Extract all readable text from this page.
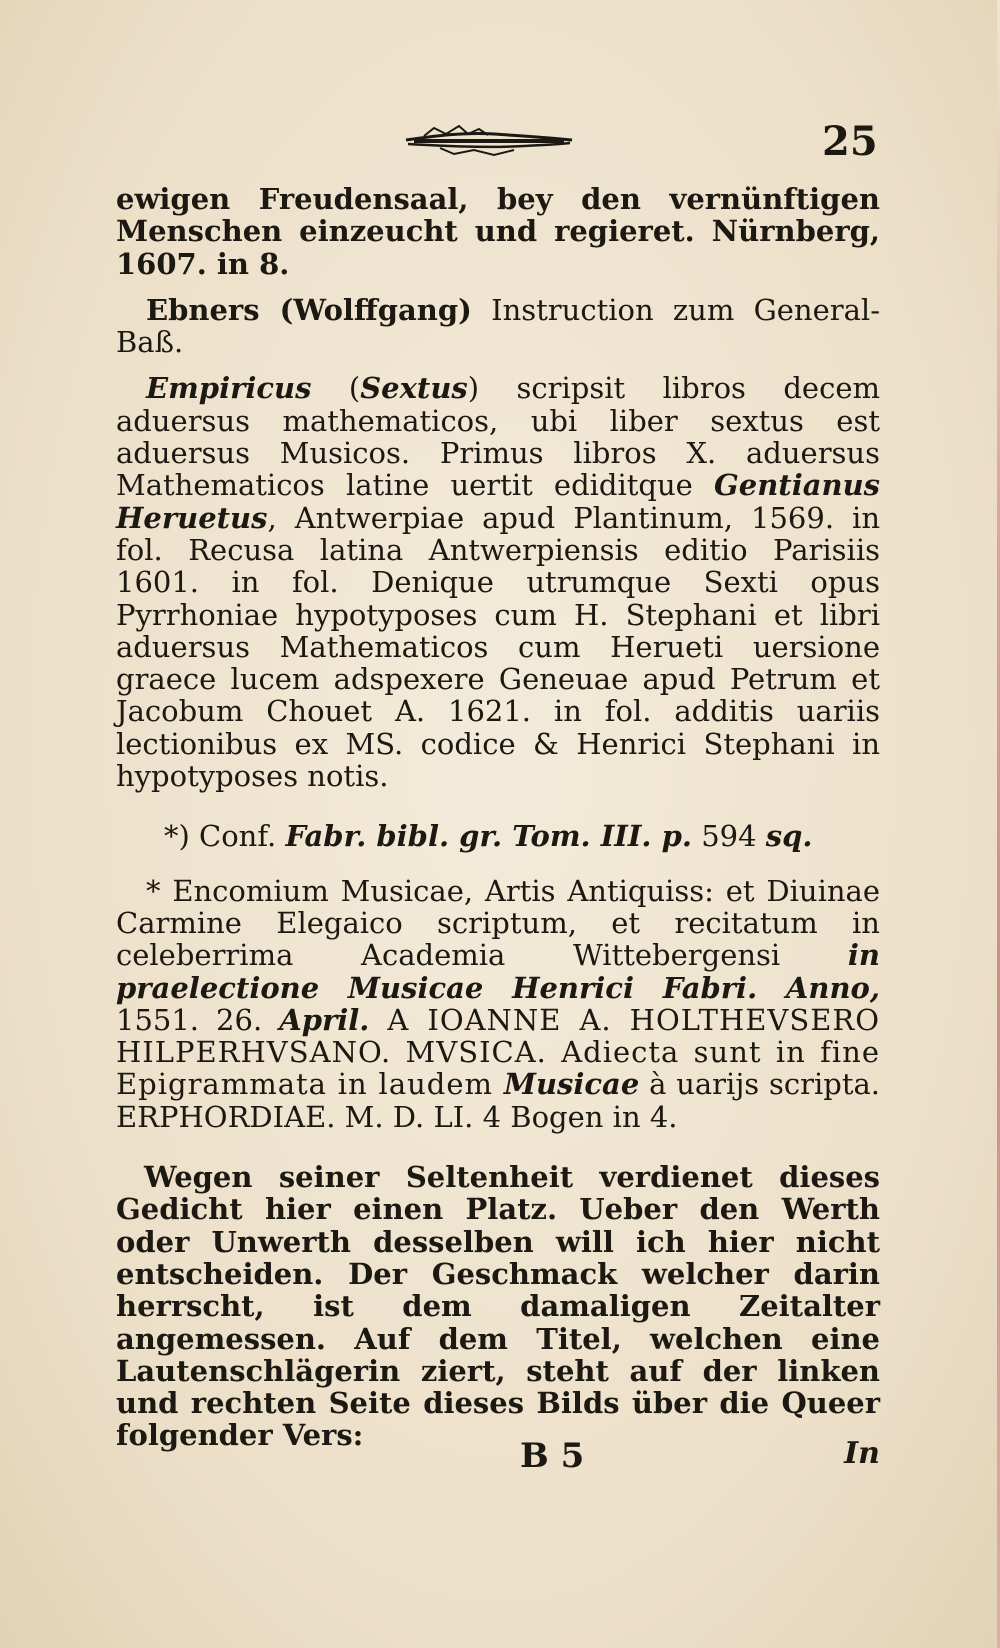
25

ewigen Freudensaal, bey den vernünftigen Menschen einzeucht und regieret. Nürnberg, 1607. in 8.

Ebners (Wolffgang) Instruction zum General-Baß.

Empiricus (Sextus) scripsit libros decem aduersus mathematicos, ubi liber sextus est aduersus Musicos. Primus libros X. aduersus Mathematicos latine uertit ediditque Gentianus Heruetus, Antwerpiae apud Plantinum, 1569. in fol. Recusa latina Antwerpiensis editio Parisiis 1601. in fol. Denique utrumque Sexti opus Pyrrhoniae hypotyposes cum H. Stephani et libri aduersus Mathematicos cum Herueti uersione graece lucem adspexere Geneuae apud Petrum et Jacobum Chouet A. 1621. in fol. additis uariis lectionibus ex MS. codice & Henrici Stephani in hypotyposes notis.

*) Conf. Fabr. bibl. gr. Tom. III. p. 594 sq.

* Encomium Musicae, Artis Antiquiss: et Diuinae Carmine Elegaico scriptum, et recitatum in celeberrima Academia Wittebergensi in praelectione Musicae Henrici Fabri. Anno, 1551. 26. April. A IOANNE A. HOLTHEVSERO HILPERHVSANO. MVSICA. Adiecta sunt in fine Epigrammata in laudem Musicae à uarijs scripta. ERPHORDIAE. M. D. LI. 4 Bogen in 4.

Wegen seiner Seltenheit verdienet dieses Gedicht hier einen Platz. Ueber den Werth oder Unwerth desselben will ich hier nicht entscheiden. Der Geschmack welcher darin herrscht, ist dem damaligen Zeitalter angemessen. Auf dem Titel, welchen eine Lautenschlägerin ziert, steht auf der linken und rechten Seite dieses Bilds über die Queer folgender Vers:

B 5	In
